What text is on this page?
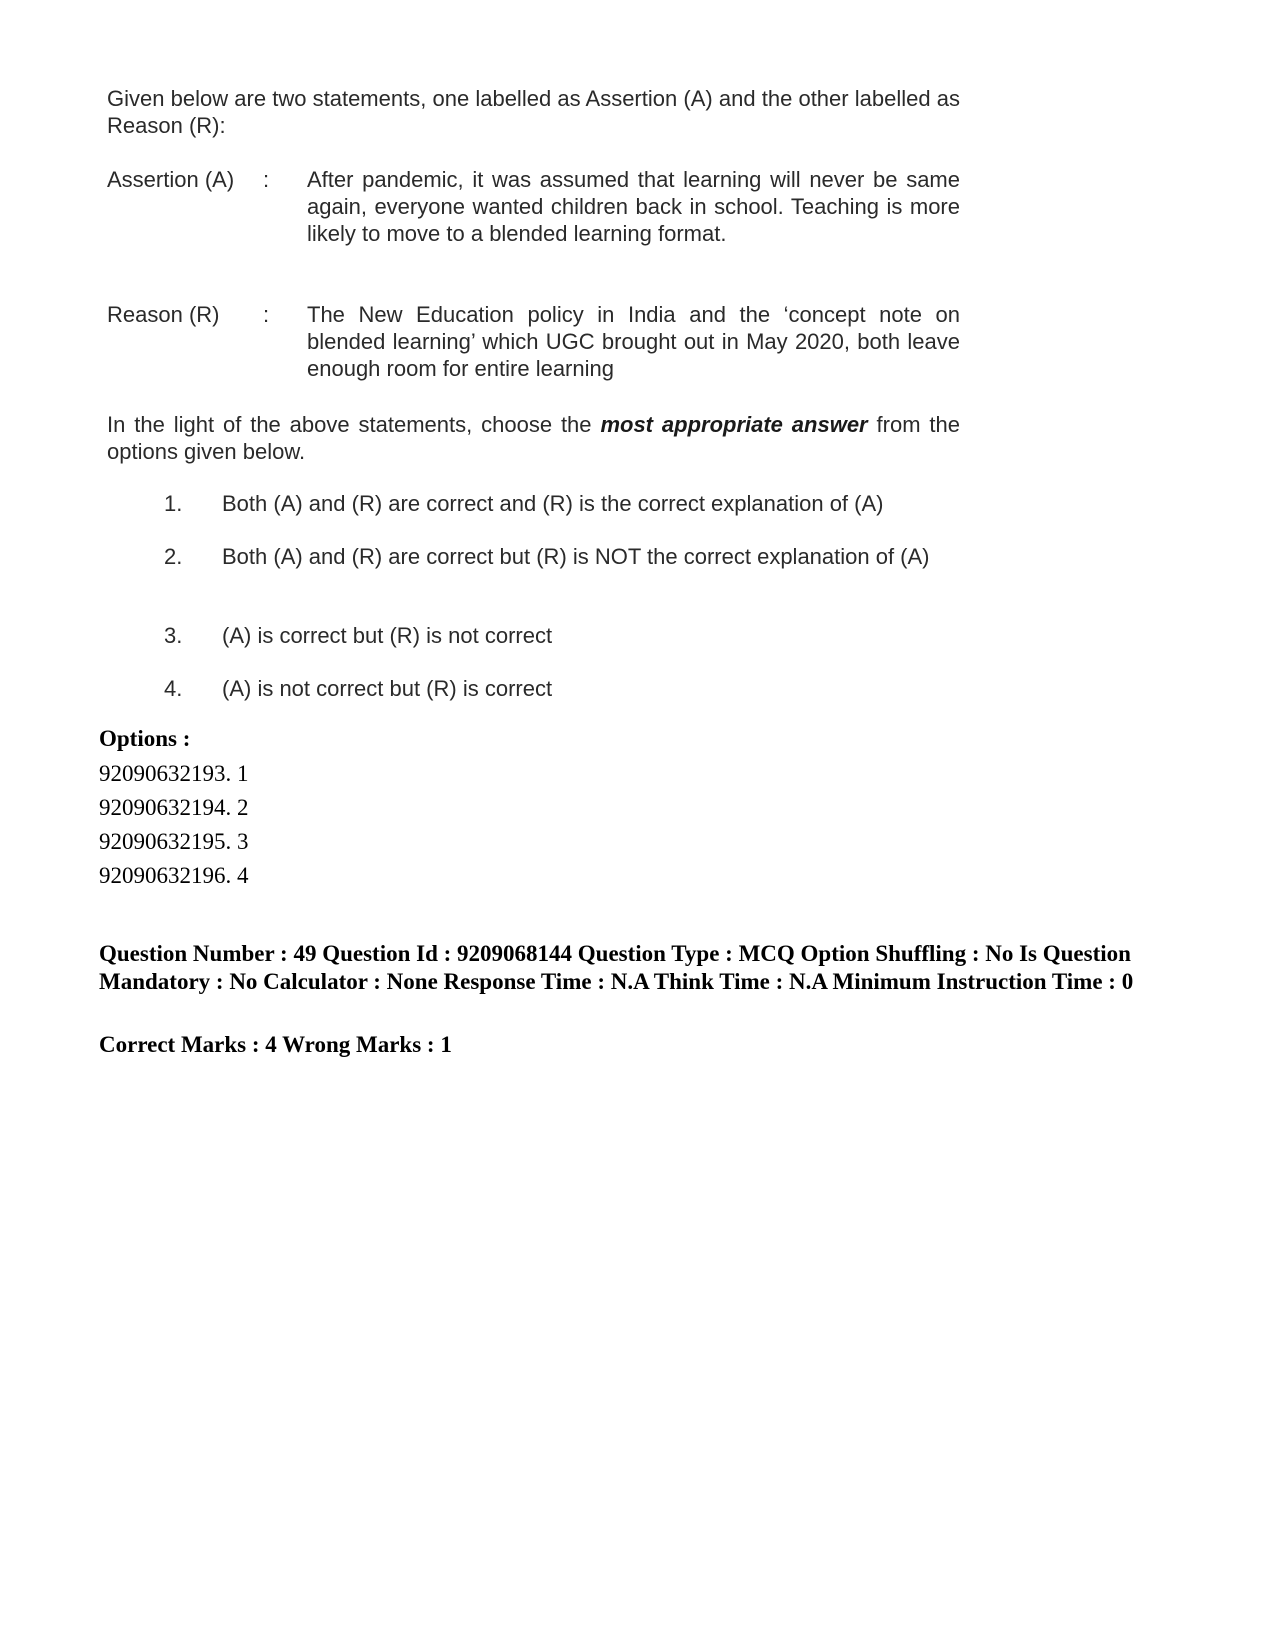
Given below are two statements, one labelled as Assertion (A) and the other labelled as Reason (R):
Assertion (A) : After pandemic, it was assumed that learning will never be same again, everyone wanted children back in school. Teaching is more likely to move to a blended learning format.
Reason (R) : The New Education policy in India and the ‘concept note on blended learning’ which UGC brought out in May 2020, both leave enough room for entire learning
In the light of the above statements, choose the most appropriate answer from the options given below.
1. Both (A) and (R) are correct and (R) is the correct explanation of (A)
2. Both (A) and (R) are correct but (R) is NOT the correct explanation of (A)
3. (A) is correct but (R) is not correct
4. (A) is not correct but (R) is correct
Options :
92090632193. 1
92090632194. 2
92090632195. 3
92090632196. 4
Question Number : 49 Question Id : 9209068144 Question Type : MCQ Option Shuffling : No Is Question Mandatory : No Calculator : None Response Time : N.A Think Time : N.A Minimum Instruction Time : 0
Correct Marks : 4 Wrong Marks : 1
